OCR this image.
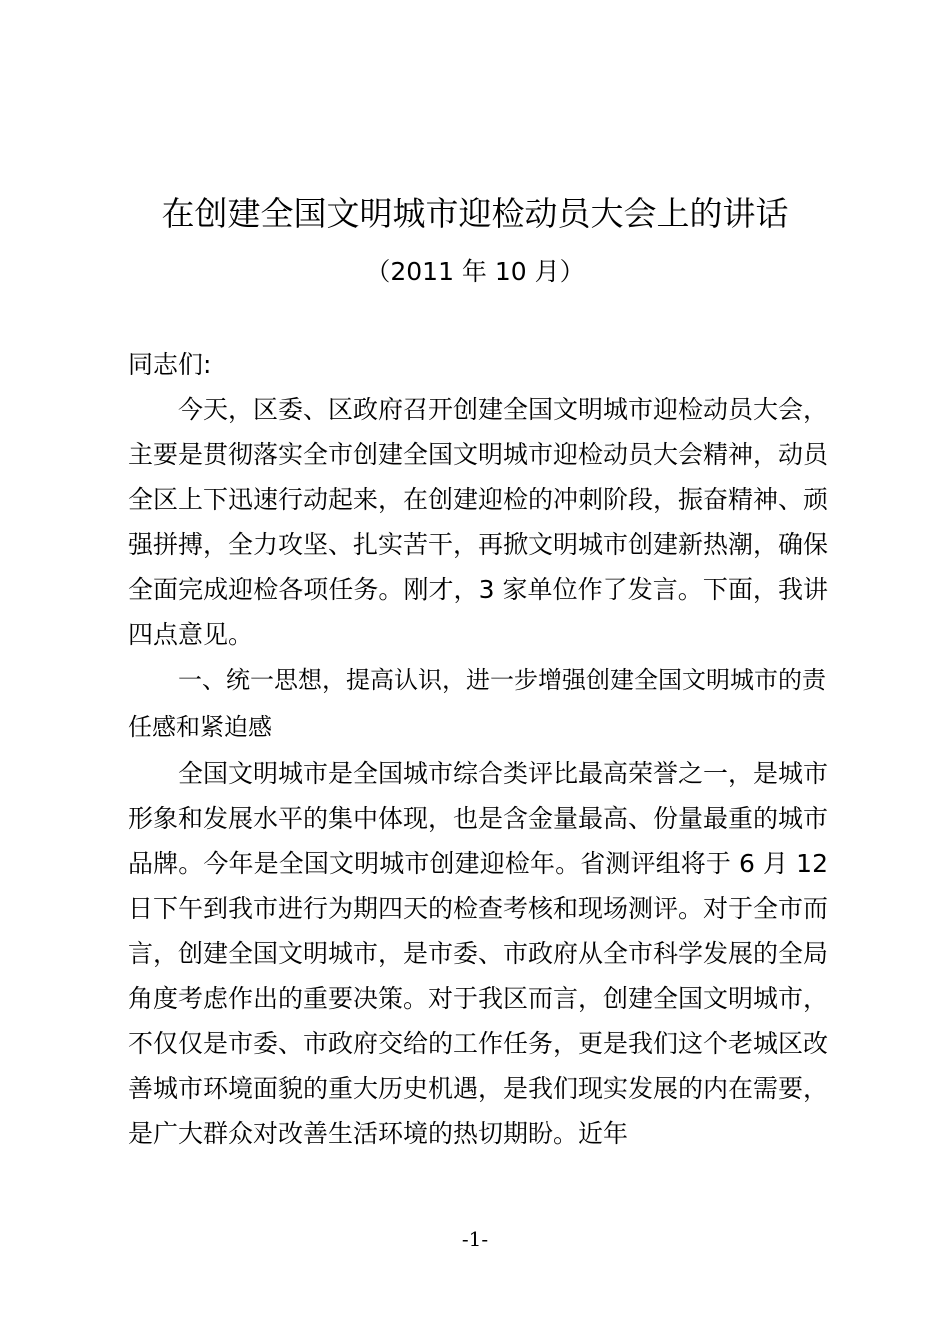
在创建全国文明城市迎检动员大会上的讲话
（2011 年 10 月）

同志们:

今天，区委、区政府召开创建全国文明城市迎检动员大会，主要是贯彻落实全市创建全国文明城市迎检动员大会精神，动员全区上下迅速行动起来，在创建迎检的冲刺阶段，振奋精神、顽强拼搏，全力攻坚、扎实苦干，再掀文明城市创建新热潮，确保全面完成迎检各项任务。刚才，3 家单位作了发言。下面，我讲四点意见。

一、统一思想，提高认识，进一步增强创建全国文明城市的责任感和紧迫感

全国文明城市是全国城市综合类评比最高荣誉之一，是城市形象和发展水平的集中体现，也是含金量最高、份量最重的城市品牌。今年是全国文明城市创建迎检年。省测评组将于 6 月 12 日下午到我市进行为期四天的检查考核和现场测评。对于全市而言，创建全国文明城市，是市委、市政府从全市科学发展的全局角度考虑作出的重要决策。对于我区而言，创建全国文明城市，不仅仅是市委、市政府交给的工作任务，更是我们这个老城区改善城市环境面貌的重大历史机遇，是我们现实发展的内在需要，是广大群众对改善生活环境的热切期盼。近年

-1-
